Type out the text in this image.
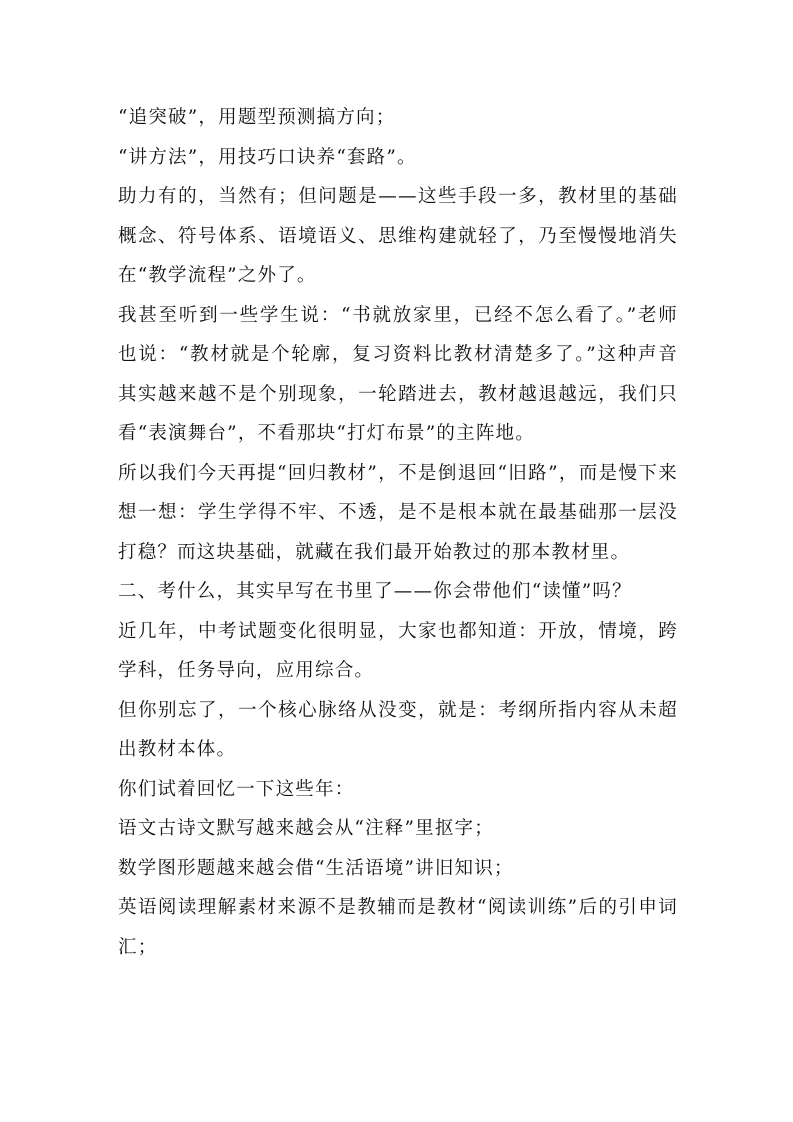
“追突破”，用题型预测搞方向；

“讲方法”，用技巧口诀养“套路”。

助力有的，当然有；但问题是——这些手段一多，教材里的基础概念、符号体系、语境语义、思维构建就轻了，乃至慢慢地消失在“教学流程”之外了。

我甚至听到一些学生说：“书就放家里，已经不怎么看了。”老师也说：“教材就是个轮廓，复习资料比教材清楚多了。”这种声音其实越来越不是个别现象，一轮踏进去，教材越退越远，我们只看“表演舞台”，不看那块“打灯布景”的主阵地。

所以我们今天再提“回归教材”，不是倒退回“旧路”，而是慢下来想一想：学生学得不牢、不透，是不是根本就在最基础那一层没打稳？而这块基础，就藏在我们最开始教过的那本教材里。

二、考什么，其实早写在书里了——你会带他们“读懂”吗？

近几年，中考试题变化很明显，大家也都知道：开放，情境，跨学科，任务导向，应用综合。

但你别忘了，一个核心脉络从没变，就是：考纲所指内容从未超出教材本体。

你们试着回忆一下这些年：

语文古诗文默写越来越会从“注释”里抠字；

数学图形题越来越会借“生活语境”讲旧知识；

英语阅读理解素材来源不是教辅而是教材“阅读训练”后的引申词汇；
